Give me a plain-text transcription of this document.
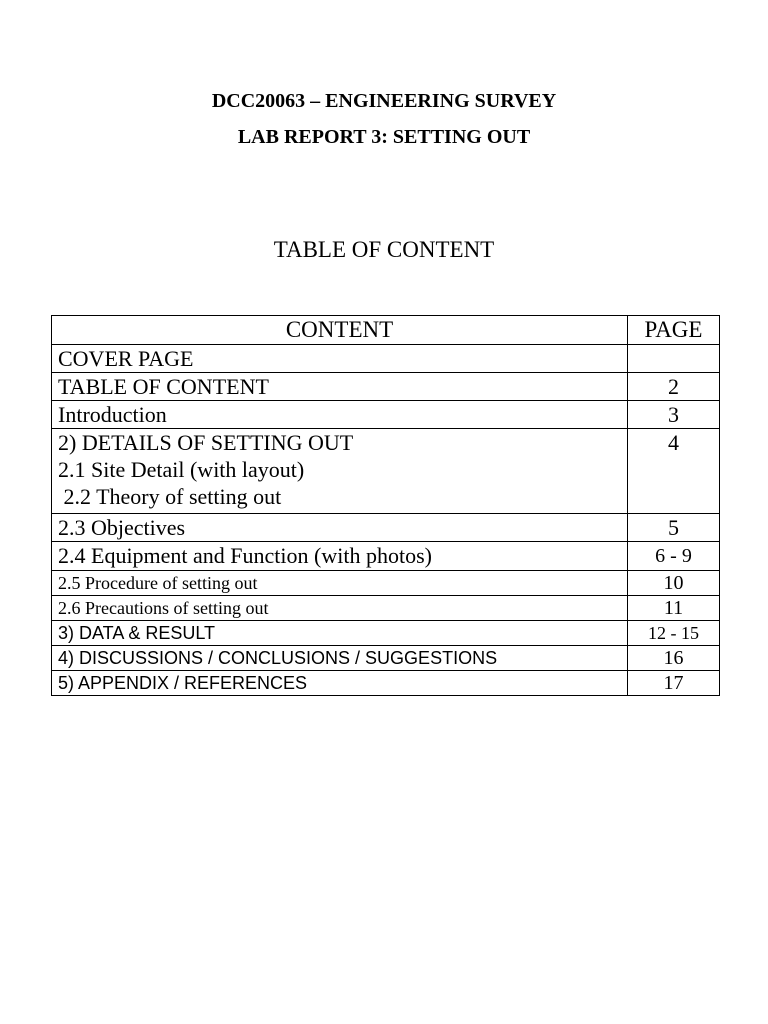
DCC20063 – ENGINEERING SURVEY
LAB REPORT 3: SETTING OUT
TABLE OF CONTENT
CONTENT	PAGE
COVER PAGE	
TABLE OF CONTENT	2
Introduction	3

2) DETAILS OF SETTING OUT
2.1 Site Detail (with layout)
2.2 Theory of setting out	4
2.3 Objectives	5
2.4 Equipment and Function (with photos)	6 - 9
2.5 Procedure of setting out	10
2.6 Precautions of setting out	11
3) DATA & RESULT	12 - 15
4) DISCUSSIONS / CONCLUSIONS / SUGGESTIONS	16
5) APPENDIX / REFERENCES	17
